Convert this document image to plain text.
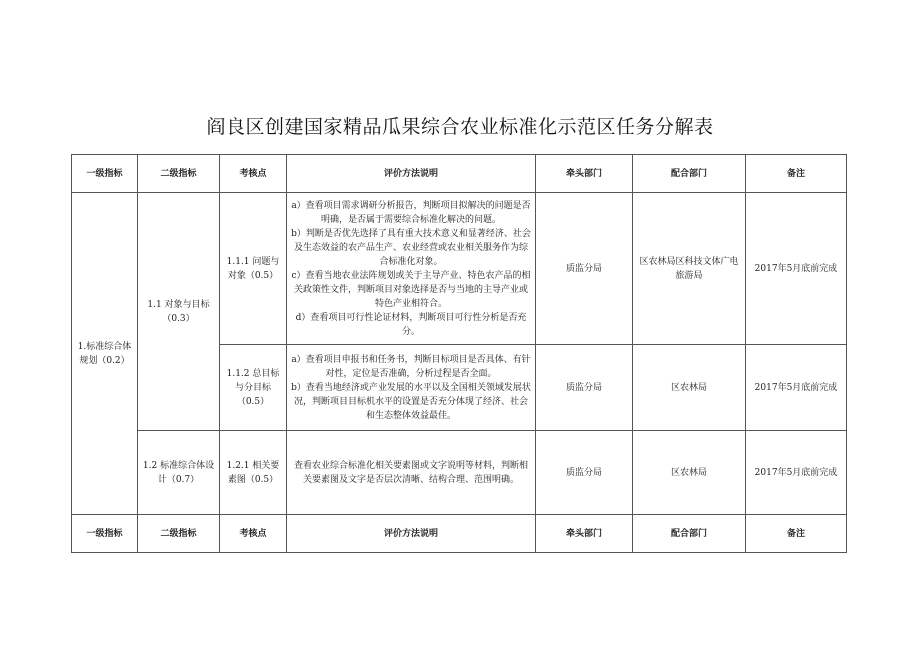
阎良区创建国家精品瓜果综合农业标准化示范区任务分解表
一级指标	二级指标	考核点	评价方法说明	牵头部门	配合部门	备注
1.标准综合体规划（0.2）	1.1 对象与目标（0.3）	1.1.1 问题与对象（0.5）	a）查看项目需求调研分析报告，判断项目拟解决的问题是否明确，是否属于需要综合标准化解决的问题。
b）判断是否优先选择了具有重大技术意义和显著经济、社会及生态效益的农产品生产、农业经营或农业相关服务作为综合标准化对象。
c）查看当地农业法阵规划或关于主导产业、特色农产品的相关政策性文件，判断项目对象选择是否与当地的主导产业或特色产业相符合。
d）查看项目可行性论证材料，判断项目可行性分析是否充分。	质监分局	区农林局区科技文体广电旅游局	2017年5月底前完成
		1.1.2 总目标与分目标（0.5）	a）查看项目申报书和任务书，判断目标项目是否具体、有针对性，定位是否准确，分析过程是否全面。
b）查看当地经济或产业发展的水平以及全国相关领域发展状况，判断项目目标机水平的设置是否充分体现了经济、社会和生态整体效益最佳。	质监分局	区农林局	2017年5月底前完成
	1.2 标准综合体设计（0.7）	1.2.1 相关要素图（0.5）	查看农业综合标准化相关要素图或文字说明等材料，判断相关要素图及文字是否层次清晰、结构合理、范围明确。	质监分局	区农林局	2017年5月底前完成
一级指标	二级指标	考核点	评价方法说明	牵头部门	配合部门	备注
